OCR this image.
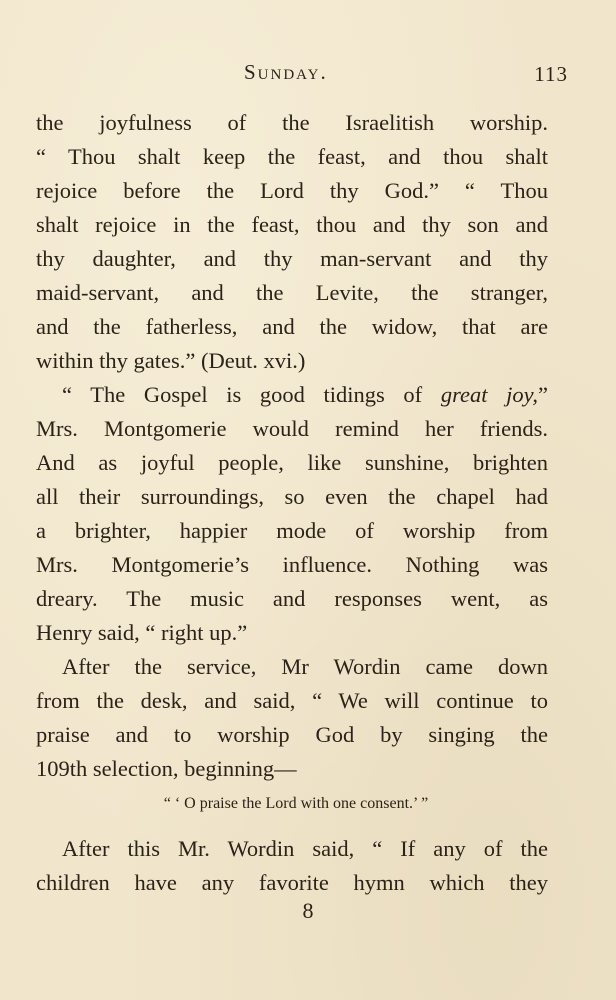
Sunday.	113
the joyfulness of the Israelitish worship.
“ Thou shalt keep the feast, and thou shalt
rejoice before the Lord thy God.” “ Thou
shalt rejoice in the feast, thou and thy son and
thy daughter, and thy man-servant and thy
maid-servant, and the Levite, the stranger,
and the fatherless, and the widow, that are
within thy gates.” (Deut. xvi.)
“ The Gospel is good tidings of great joy,”
Mrs. Montgomerie would remind her friends.
And as joyful people, like sunshine, brighten
all their surroundings, so even the chapel had
a brighter, happier mode of worship from
Mrs. Montgomerie’s influence. Nothing was
dreary. The music and responses went, as
Henry said, “ right up.”
After the service, Mr Wordin came down
from the desk, and said, “ We will continue to
praise and to worship God by singing the
109th selection, beginning—
“ ‘ O praise the Lord with one consent.’ ”
After this Mr. Wordin said, “ If any of the
children have any favorite hymn which they
8
